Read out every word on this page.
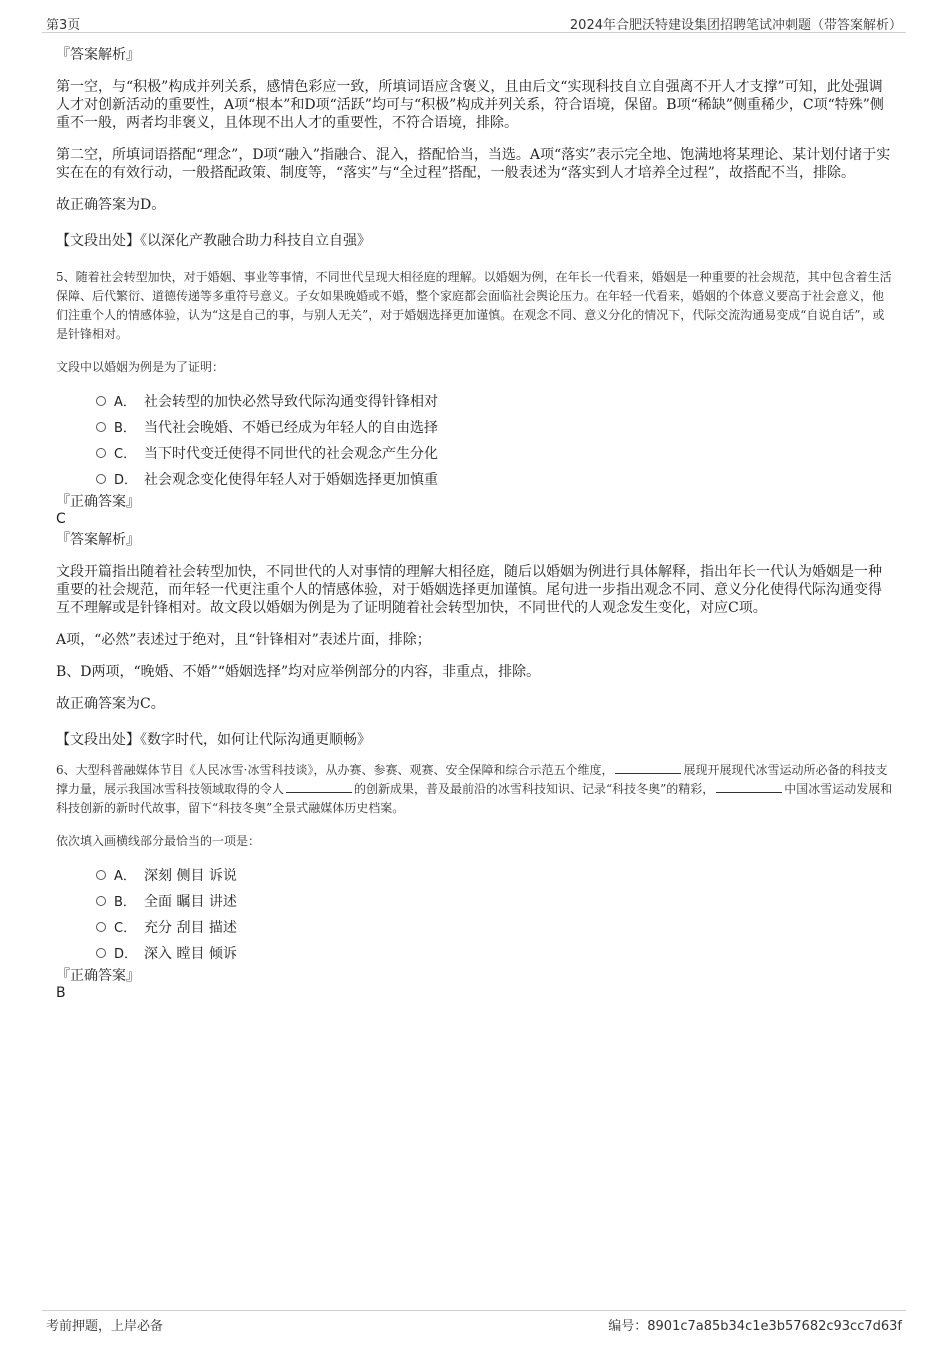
第3页	2024年合肥沃特建设集团招聘笔试冲刺题（带答案解析）

『答案解析』

第一空，与“积极”构成并列关系，感情色彩应一致，所填词语应含褒义，且由后文“实现科技自立自强离不开人才支撑”可知，此处强调人才对创新活动的重要性，A项“根本”和D项“活跃”均可与“积极”构成并列关系，符合语境，保留。B项“稀缺”侧重稀少，C项“特殊”侧重不一般，两者均非褒义，且体现不出人才的重要性，不符合语境，排除。

第二空，所填词语搭配“理念”，D项“融入”指融合、混入，搭配恰当，当选。A项“落实”表示完全地、饱满地将某理论、某计划付诸于实实在在的有效行动，一般搭配政策、制度等，“落实”与“全过程”搭配，一般表述为“落实到人才培养全过程”，故搭配不当，排除。

故正确答案为D。

【文段出处】《以深化产教融合助力科技自立自强》

5、随着社会转型加快，对于婚姻、事业等事情，不同世代呈现大相径庭的理解。以婚姻为例，在年长一代看来，婚姻是一种重要的社会规范，其中包含着生活保障、后代繁衍、道德传递等多重符号意义。子女如果晚婚或不婚，整个家庭都会面临社会舆论压力。在年轻一代看来，婚姻的个体意义要高于社会意义，他们注重个人的情感体验，认为“这是自己的事，与别人无关”，对于婚姻选择更加谨慎。在观念不同、意义分化的情况下，代际交流沟通易变成“自说自话”，或是针锋相对。

文段中以婚姻为例是为了证明：

A． 社会转型的加快必然导致代际沟通变得针锋相对
B． 当代社会晚婚、不婚已经成为年轻人的自由选择
C． 当下时代变迁使得不同世代的社会观念产生分化
D． 社会观念变化使得年轻人对于婚姻选择更加慎重

『正确答案』

C

『答案解析』

文段开篇指出随着社会转型加快，不同世代的人对事情的理解大相径庭，随后以婚姻为例进行具体解释，指出年长一代认为婚姻是一种重要的社会规范，而年轻一代更注重个人的情感体验，对于婚姻选择更加谨慎。尾句进一步指出观念不同、意义分化使得代际沟通变得互不理解或是针锋相对。故文段以婚姻为例是为了证明随着社会转型加快，不同世代的人观念发生变化，对应C项。

A项，“必然”表述过于绝对，且“针锋相对”表述片面，排除；

B、D两项，“晚婚、不婚”“婚姻选择”均对应举例部分的内容，非重点，排除。

故正确答案为C。

【文段出处】《数字时代，如何让代际沟通更顺畅》

6、大型科普融媒体节目《人民冰雪·冰雪科技谈》，从办赛、参赛、观赛、安全保障和综合示范五个维度，	展现开展现代冰雪运动所必备的科技支撑力量，展示我国冰雪科技领域取得的令人	的创新成果，普及最前沿的冰雪科技知识、记录“科技冬奥”的精彩，	中国冰雪运动发展和科技创新的新时代故事，留下“科技冬奥”全景式融媒体历史档案。

依次填入画横线部分最恰当的一项是：

A． 深刻 侧目 诉说
B． 全面 瞩目 讲述
C． 充分 刮目 描述
D． 深入 瞠目 倾诉

『正确答案』

B

考前押题，上岸必备	编号：8901c7a85b34c1e3b57682c93cc7d63f
